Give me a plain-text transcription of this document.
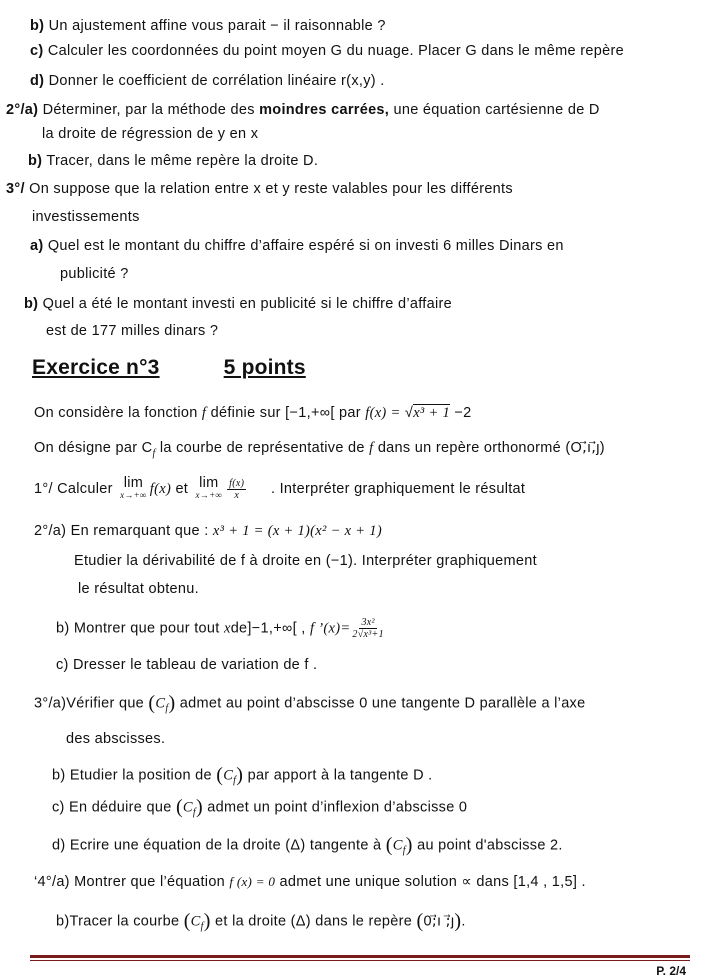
b) Un ajustement affine vous parait − il raisonnable ?
c) Calculer les coordonnées du point moyen G du nuage. Placer G dans le même repère
d) Donner le coefficient de corrélation linéaire r(x,y) .
2°/a) Déterminer, par la méthode des moindres carrées, une équation cartésienne de D
la droite de régression de y en x
b) Tracer, dans le même repère la droite D.
3°/ On suppose que la relation entre x et y reste valables pour les différents
investissements
a) Quel est le montant du chiffre d’affaire espéré si on investi 6 milles Dinars en
publicité ?
b) Quel a été le montant investi en publicité si le chiffre d’affaire
est de 177 milles dinars ?
Exercice n°3	5 points
On considère la fonction f définie sur [−1,+∞[ par f(x) = √x³ + 1 −2
On désigne par $C_f$ la courbe de représentative de f dans un repère orthonormé (O,⃗ı,⃗ȷ)
1°/ Calculer lim
x→+∞ f(x) et lim
$x\to+\infty \frac{f(x)}{x}$ . Interpréter graphiquement le résultat
2°/a) En remarquant que : x³ + 1 = (x + 1)(x² − x + 1)
Etudier la dérivabilité de f à droite en (−1). Interpréter graphiquement
le résultat obtenu.
b) Montrer que pour tout xde]−1,+∞[ , f ’(x)= $\frac{\text{3x²}}{\text{2√x³+1}}$
c) Dresser le tableau de variation de f .
3°/a)Vérifier que $(C_f)$ admet au point d’abscisse 0 une tangente D parallèle a l’axe
des abscisses.
b) Etudier la position de $(C_f)$ par apport à la tangente D .
c) En déduire que $(C_f)$ admet un point d’inflexion d’abscisse 0
d) Ecrire une équation de la droite (Δ) tangente à $(C_f)$ au point d'abscisse 2.
‘4°/a) Montrer que l’équation f (x) = 0 admet une unique solution ∝ dans [1,4 , 1,5] .
b)Tracer la courbe $(C_f)$ et la droite (Δ) dans le repère (0;⃗ı ;⃗ȷ).
P. 2/4
